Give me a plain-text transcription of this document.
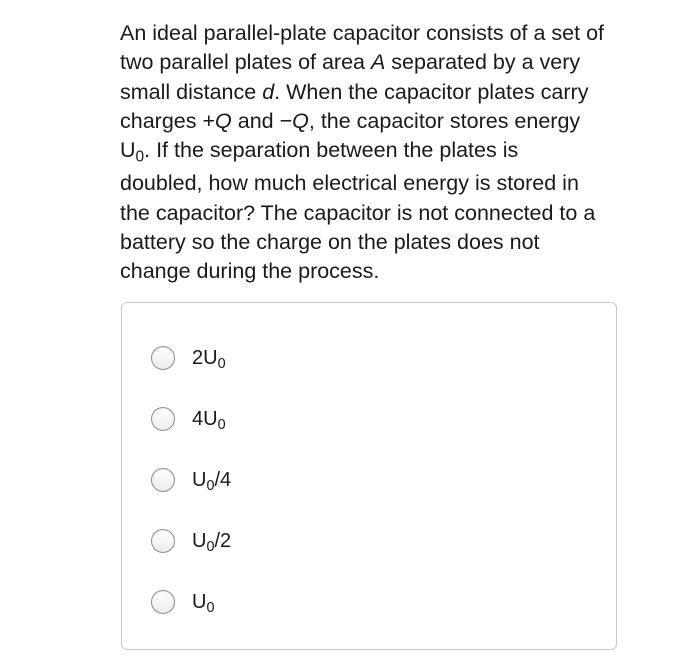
An ideal parallel-plate capacitor consists of a set of
two parallel plates of area A separated by a very
small distance d. When the capacitor plates carry
charges +Q and −Q, the capacitor stores energy
$U_0$. If the separation between the plates is
doubled, how much electrical energy is stored in
the capacitor? The capacitor is not connected to a
battery so the charge on the plates does not
change during the process.
$2U_0$
$4U_0$
$U_0/4$
$U_0/2$
$U_0$
